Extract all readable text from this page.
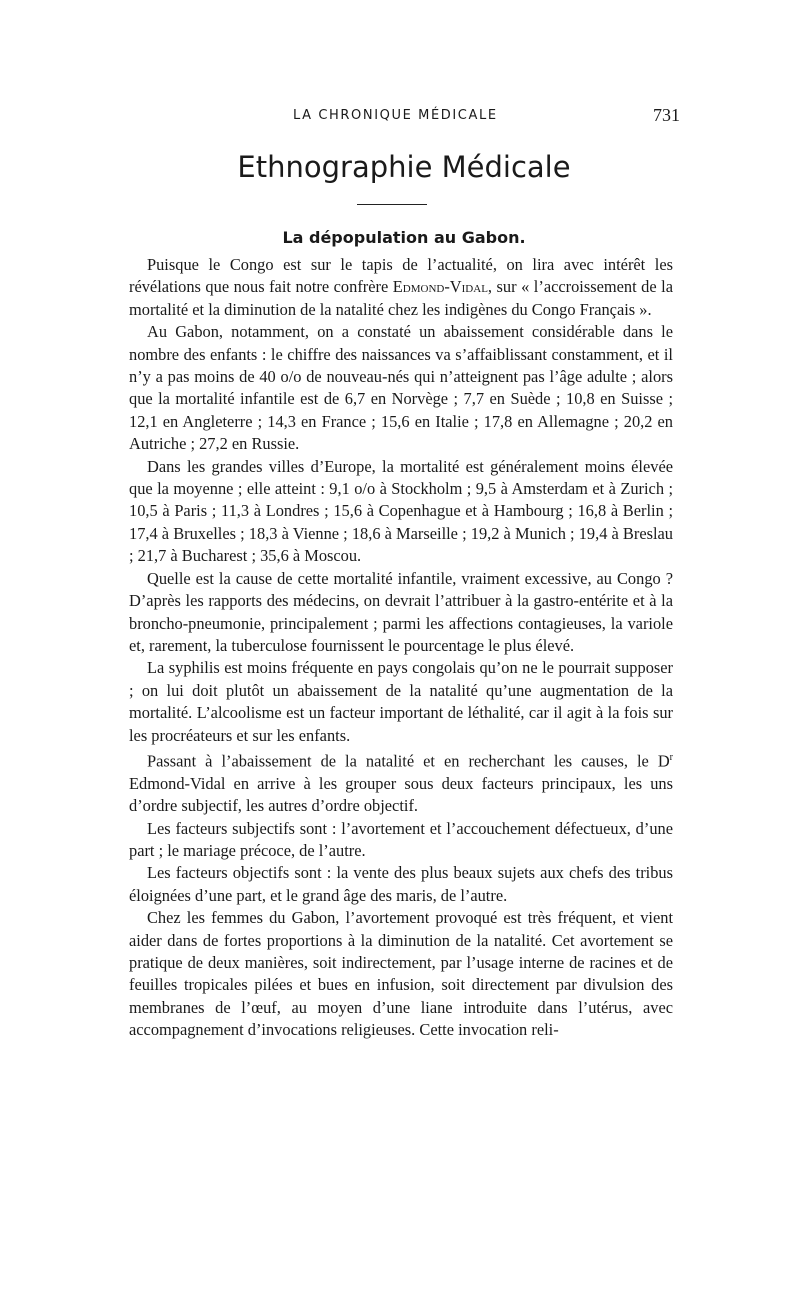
LA CHRONIQUE MÉDICALE	731
Ethnographie Médicale
La dépopulation au Gabon.

Puisque le Congo est sur le tapis de l’actualité, on lira avec intérêt les révélations que nous fait notre confrère Edmond-Vidal, sur « l’accroissement de la mortalité et la diminution de la natalité chez les indigènes du Congo Français ».

Au Gabon, notamment, on a constaté un abaissement considérable dans le nombre des enfants : le chiffre des naissances va s’affaiblissant constamment, et il n’y a pas moins de 40 o/o de nouveau-nés qui n’atteignent pas l’âge adulte ; alors que la mortalité infantile est de 6,7 en Norvège ; 7,7 en Suède ; 10,8 en Suisse ; 12,1 en Angleterre ; 14,3 en France ; 15,6 en Italie ; 17,8 en Allemagne ; 20,2 en Autriche ; 27,2 en Russie.

Dans les grandes villes d’Europe, la mortalité est généralement moins élevée que la moyenne ; elle atteint : 9,1 o/o à Stockholm ; 9,5 à Amsterdam et à Zurich ; 10,5 à Paris ; 11,3 à Londres ; 15,6 à Copenhague et à Hambourg ; 16,8 à Berlin ; 17,4 à Bruxelles ; 18,3 à Vienne ; 18,6 à Marseille ; 19,2 à Munich ; 19,4 à Breslau ; 21,7 à Bucharest ; 35,6 à Moscou.

Quelle est la cause de cette mortalité infantile, vraiment excessive, au Congo ? D’après les rapports des médecins, on devrait l’attribuer à la gastro-entérite et à la broncho-pneumonie, principalement ; parmi les affections contagieuses, la variole et, rarement, la tuberculose fournissent le pourcentage le plus élevé.

La syphilis est moins fréquente en pays congolais qu’on ne le pourrait supposer ; on lui doit plutôt un abaissement de la natalité qu’une augmentation de la mortalité. L’alcoolisme est un facteur important de léthalité, car il agit à la fois sur les procréateurs et sur les enfants.

Passant à l’abaissement de la natalité et en recherchant les causes, le $D^r$ Edmond-Vidal en arrive à les grouper sous deux facteurs principaux, les uns d’ordre subjectif, les autres d’ordre objectif.

Les facteurs subjectifs sont : l’avortement et l’accouchement défectueux, d’une part ; le mariage précoce, de l’autre.

Les facteurs objectifs sont : la vente des plus beaux sujets aux chefs des tribus éloignées d’une part, et le grand âge des maris, de l’autre.

Chez les femmes du Gabon, l’avortement provoqué est très fréquent, et vient aider dans de fortes proportions à la diminution de la natalité. Cet avortement se pratique de deux manières, soit indirectement, par l’usage interne de racines et de feuilles tropicales pilées et bues en infusion, soit directement par divulsion des membranes de l’œuf, au moyen d’une liane introduite dans l’utérus, avec accompagnement d’invocations religieuses. Cette invocation reli-
